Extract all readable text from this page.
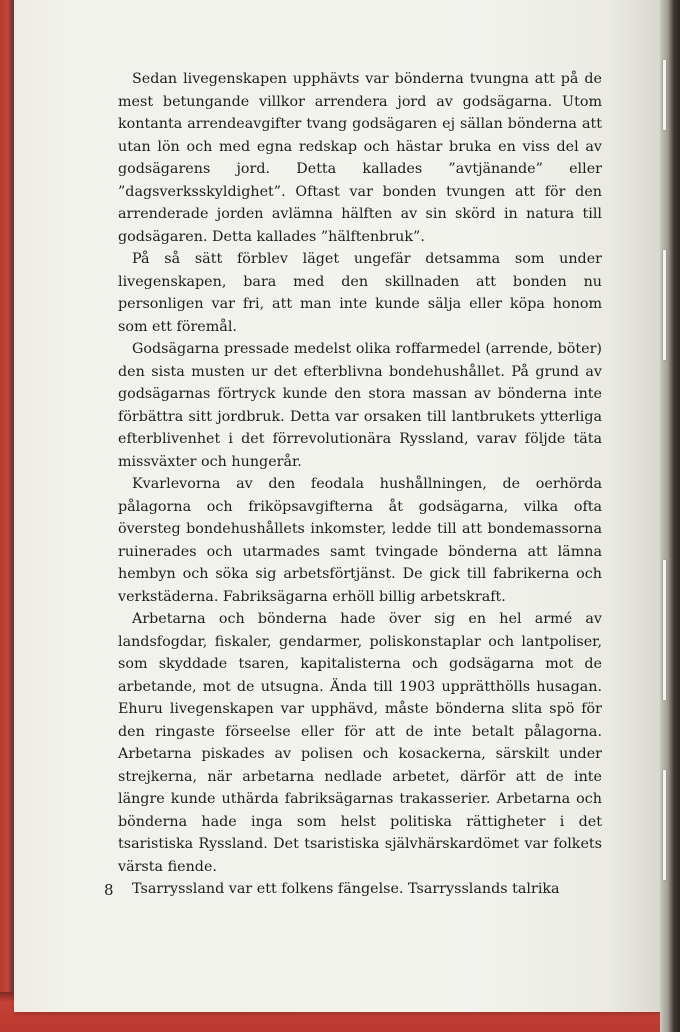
Sedan livegenskapen upphävts var bönderna tvungna att på de mest betungande villkor arrendera jord av godsägarna. Utom kontanta arrendeavgifter tvang godsägaren ej sällan bönderna att utan lön och med egna redskap och hästar bruka en viss del av godsägarens jord. Detta kallades ”avtjänande” eller ”dagsverksskyldighet”. Oftast var bonden tvungen att för den arrenderade jorden avlämna hälften av sin skörd in natura till godsägaren. Detta kallades ”hälftenbruk”.

På så sätt förblev läget ungefär detsamma som under livegenskapen, bara med den skillnaden att bonden nu personligen var fri, att man inte kunde sälja eller köpa honom som ett föremål.

Godsägarna pressade medelst olika roffarmedel (arrende, böter) den sista musten ur det efterblivna bondehushållet. På grund av godsägarnas förtryck kunde den stora massan av bönderna inte förbättra sitt jordbruk. Detta var orsaken till lantbrukets ytterliga efterblivenhet i det förrevolutionära Ryssland, varav följde täta missväxter och hungerår.

Kvarlevorna av den feodala hushållningen, de oerhörda pålagorna och friköpsavgifterna åt godsägarna, vilka ofta översteg bondehushållets inkomster, ledde till att bondemassorna ruinerades och utarmades samt tvingade bönderna att lämna hembyn och söka sig arbetsförtjänst. De gick till fabrikerna och verkstäderna. Fabriksägarna erhöll billig arbetskraft.

Arbetarna och bönderna hade över sig en hel armé av landsfogdar, fiskaler, gendarmer, poliskonstaplar och lantpoliser, som skyddade tsaren, kapitalisterna och godsägarna mot de arbetande, mot de utsugna. Ända till 1903 upprätthölls husagan. Ehuru livegenskapen var upphävd, måste bönderna slita spö för den ringaste förseelse eller för att de inte betalt pålagorna. Arbetarna piskades av polisen och kosackerna, särskilt under strejkerna, när arbetarna nedlade arbetet, därför att de inte längre kunde uthärda fabriksägarnas trakasserier. Arbetarna och bönderna hade inga som helst politiska rättigheter i det tsaristiska Ryssland. Det tsaristiska självhärskardömet var folkets värsta fiende.

Tsarryssland var ett folkens fängelse. Tsarrysslands talrika

8
